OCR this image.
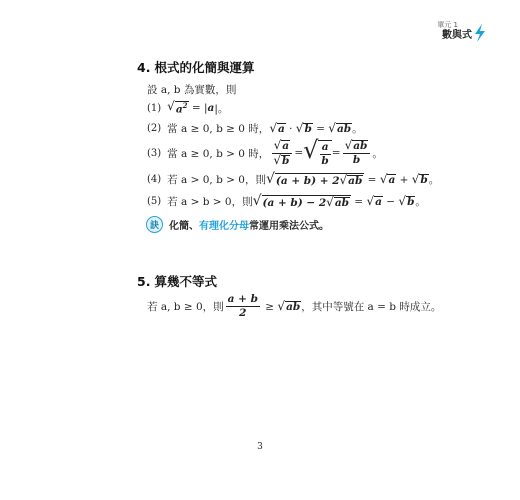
單元 1
數與式
4. 根式的化簡與運算
設 a, b 為實數，則
(1) √ $a^2$ = | a |。
(2) 當 a ≥ 0, b ≥ 0 時， √ a · √ b = √ ab 。
(3) 當 a ≥ 0, b > 0 時， $\frac{√ a}{√ b}$ = √ $\frac{a}{b} = \frac{√ ab}{b}$ 。
(4) 若 a > 0, b > 0，則 √ (a + b) + 2 √ ab = √ a + √ b 。
(5) 若 a > b > 0，則 √ (a + b) − 2 √ ab = √ a − √ b 。
訣	化簡、 有理化分母 常運用乘法公式。
5. 算幾不等式
若 a, b ≥ 0，則 $\frac{a + b}{2}$ ≥ √ ab ，其中等號在 a = b 時成立。
3
